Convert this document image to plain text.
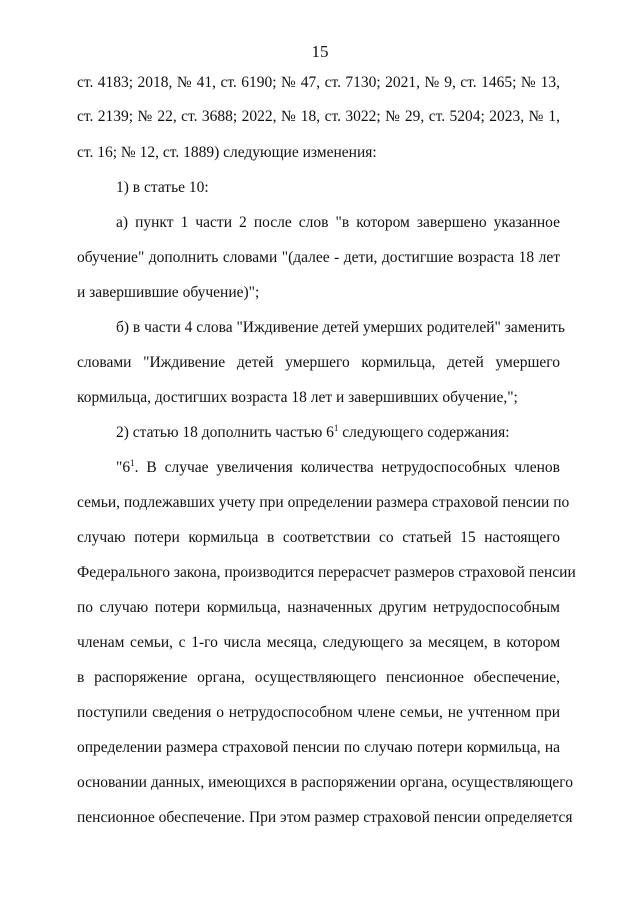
15
ст. 4183; 2018, № 41, ст. 6190; № 47, ст. 7130; 2021, № 9, ст. 1465; № 13,
ст. 2139; № 22, ст. 3688; 2022, № 18, ст. 3022; № 29, ст. 5204; 2023, № 1,
ст. 16; № 12, ст. 1889) следующие изменения:
1) в статье 10:
а) пункт 1 части 2 после слов "в котором завершено указанное
обучение" дополнить словами "(далее - дети, достигшие возраста 18 лет
и завершившие обучение)";
б) в части 4 слова "Иждивение детей умерших родителей" заменить
словами "Иждивение детей умершего кормильца, детей умершего
кормильца, достигших возраста 18 лет и завершивших обучение,";
2) статью 18 дополнить частью $6^1$ следующего содержания:
"$6^1$. В случае увеличения количества нетрудоспособных членов
семьи, подлежавших учету при определении размера страховой пенсии по
случаю потери кормильца в соответствии со статьей 15 настоящего
Федерального закона, производится перерасчет размеров страховой пенсии
по случаю потери кормильца, назначенных другим нетрудоспособным
членам семьи, с 1-го числа месяца, следующего за месяцем, в котором
в распоряжение органа, осуществляющего пенсионное обеспечение,
поступили сведения о нетрудоспособном члене семьи, не учтенном при
определении размера страховой пенсии по случаю потери кормильца, на
основании данных, имеющихся в распоряжении органа, осуществляющего
пенсионное обеспечение. При этом размер страховой пенсии определяется
